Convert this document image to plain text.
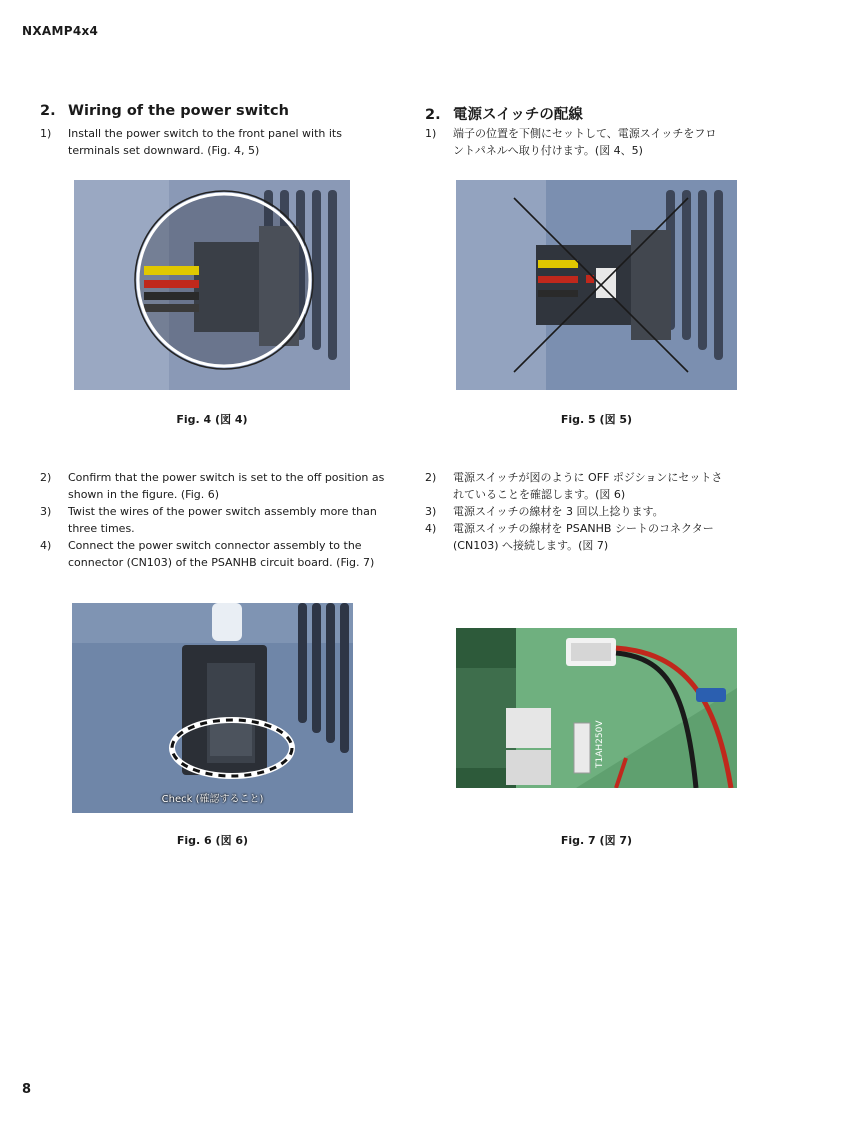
NXAMP4x4
2. Wiring of the power switch
1) Install the power switch to the front panel with its
terminals set downward. (Fig. 4, 5)
2. 電源スイッチの配線
1) 端子の位置を下側にセットして、電源スイッチをフロ
ントパネルへ取り付けます。(図 4、5)
Fig. 4 (図 4)	Fig. 5 (図 5)
2) Confirm that the power switch is set to the off position as
shown in the figure. (Fig. 6)
3) Twist the wires of the power switch assembly more than
three times.
4) Connect the power switch connector assembly to the
connector (CN103) of the PSANHB circuit board. (Fig. 7)
2) 電源スイッチが図のように OFF ポジションにセットさ
れていることを確認します。(図 6)
3) 電源スイッチの線材を 3 回以上捻ります。
4) 電源スイッチの線材を PSANHB シートのコネクター
(CN103) へ接続します。(図 7)
Check (確認すること)
Fig. 6 (図 6)
T1AH250V
Fig. 7 (図 7)
8
